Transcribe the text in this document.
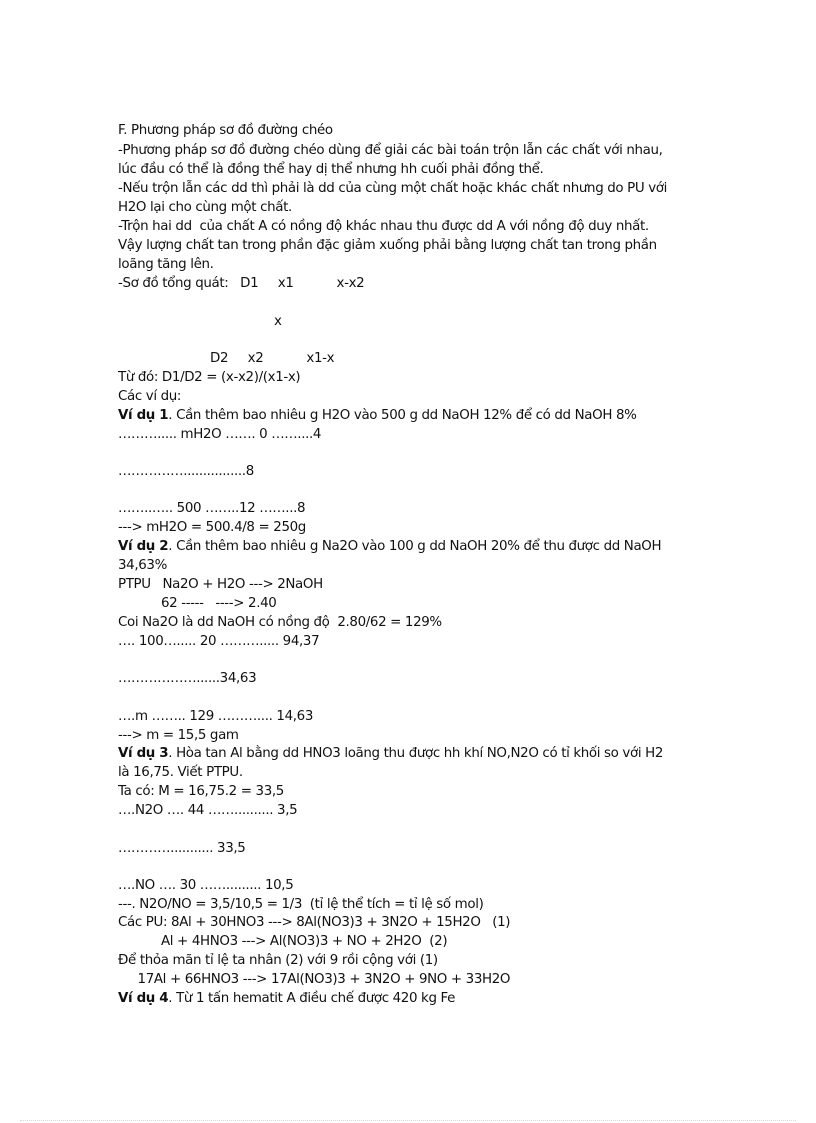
F. Phương pháp sơ đồ đường chéo
-Phương pháp sơ đồ đường chéo dùng để giải các bài toán trộn lẫn các chất với nhau,
lúc đầu có thể là đồng thể hay dị thể nhưng hh cuối phải đồng thể.
-Nếu trộn lẫn các dd thì phải là dd của cùng một chất hoặc khác chất nhưng do PU với
H2O lại cho cùng một chất.
-Trộn hai dd  của chất A có nồng độ khác nhau thu được dd A với nồng độ duy nhất.
Vậy lượng chất tan trong phần đặc giảm xuống phải bằng lượng chất tan trong phần
loãng tăng lên.
-Sơ đồ tổng quát:   D1     x1           x-x2
x
D2     x2           x1-x
Từ đó: D1/D2 = (x-x2)/(x1-x)
Các ví dụ:
Ví dụ 1. Cần thêm bao nhiêu g H2O vào 500 g dd NaOH 12% để có dd NaOH 8%
………..... mH2O ……. 0 ……....4
……………................8
……..….. 500 ……..12 ……...8
---> mH2O = 500.4/8 = 250g
Ví dụ 2. Cần thêm bao nhiêu g Na2O vào 100 g dd NaOH 20% để thu được dd NaOH
34,63%
PTPU   Na2O + H2O ---> 2NaOH
62 -----   ----> 2.40
Coi Na2O là dd NaOH có nồng độ  2.80/62 = 129%
…. 100…..... 20 ………..... 94,37
………………......34,63
….m …….. 129 ……….... 14,63
---> m = 15,5 gam
Ví dụ 3. Hòa tan Al bằng dd HNO3 loãng thu được hh khí NO,N2O có tỉ khối so với H2
là 16,75. Viết PTPU.
Ta có: M = 16,75.2 = 33,5
….N2O …. 44 …….......... 3,5
…………........... 33,5
….NO …. 30 ……......... 10,5
---. N2O/NO = 3,5/10,5 = 1/3  (tỉ lệ thể tích = tỉ lệ số mol)
Các PU: 8Al + 30HNO3 ---> 8Al(NO3)3 + 3N2O + 15H2O   (1)
Al + 4HNO3 ---> Al(NO3)3 + NO + 2H2O  (2)
Để thỏa mãn tỉ lệ ta nhân (2) với 9 rồi cộng với (1)
17Al + 66HNO3 ---> 17Al(NO3)3 + 3N2O + 9NO + 33H2O
Ví dụ 4. Từ 1 tấn hematit A điều chế được 420 kg Fe
